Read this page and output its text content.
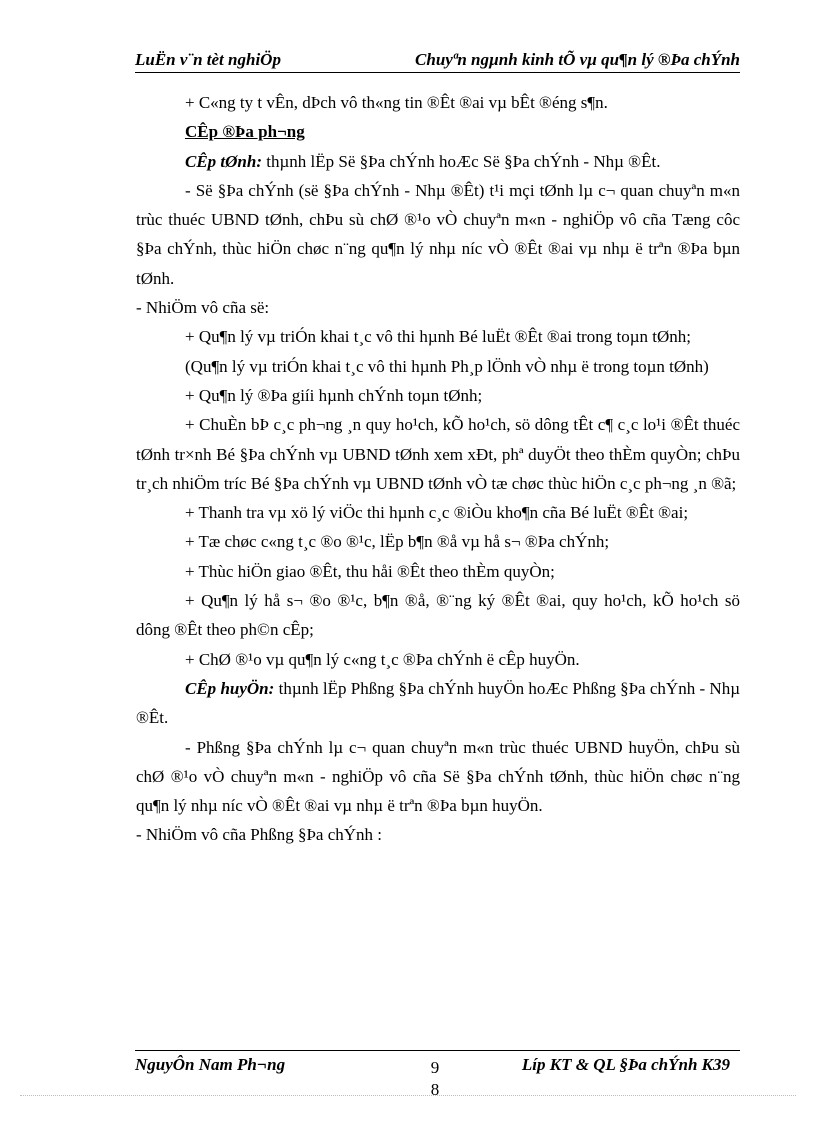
LuËn v¨n tèt nghiÖp	Chuyªn ngµnh kinh tÕ vµ qu¶n lý ®Þa chÝnh

+ C«ng ty t vÊn, dÞch vô th«ng tin ®Êt ®ai vµ bÊt ®éng s¶n.

CÊp ®Þa ph¬ng

CÊp tØnh: thµnh lËp Së §Þa chÝnh hoÆc Së §Þa chÝnh - Nhµ ®Êt.

- Së §Þa chÝnh (së §Þa chÝnh - Nhµ ®Êt) t¹i mçi tØnh lµ c¬ quan chuyªn m«n trùc thuéc UBND tØnh, chÞu sù chØ ®¹o vÒ chuyªn m«n - nghiÖp vô cña Tæng côc §Þa chÝnh, thùc hiÖn chøc n¨ng qu¶n lý nhµ níc vÒ ®Êt ®ai vµ nhµ ë trªn ®Þa bµn tØnh.

- NhiÖm vô cña së:

+ Qu¶n lý vµ triÓn khai t¸c vô thi hµnh Bé luËt ®Êt ®ai trong toµn tØnh;

(Qu¶n lý vµ triÓn khai t¸c vô thi hµnh Ph¸p lÖnh vÒ nhµ ë trong toµn tØnh)

+ Qu¶n lý ®Þa giíi hµnh chÝnh toµn tØnh;

+ ChuÈn bÞ c¸c ph¬ng ¸n quy ho¹ch, kÕ ho¹ch, sö dông tÊt c¶ c¸c lo¹i ®Êt thuéc tØnh tr×nh Bé §Þa chÝnh vµ UBND tØnh xem xÐt, phª duyÖt theo thÈm quyÒn; chÞu tr¸ch nhiÖm tríc Bé §Þa chÝnh vµ UBND tØnh vÒ tæ chøc thùc hiÖn c¸c ph¬ng ¸n ®ã;

+ Thanh tra vµ xö lý viÖc thi hµnh c¸c ®iÒu kho¶n cña Bé luËt ®Êt ®ai;

+ Tæ chøc c«ng t¸c ®o ®¹c, lËp b¶n ®å vµ hå s¬ ®Þa chÝnh;

+ Thùc hiÖn giao ®Êt, thu håi ®Êt theo thÈm quyÒn;

+ Qu¶n lý hå s¬ ®o ®¹c, b¶n ®å, ®¨ng ký ®Êt ®ai, quy ho¹ch, kÕ ho¹ch sö dông ®Êt theo ph©n cÊp;

+ ChØ ®¹o vµ qu¶n lý c«ng t¸c ®Þa chÝnh ë cÊp huyÖn.

CÊp huyÖn: thµnh lËp Phßng §Þa chÝnh huyÖn hoÆc Phßng §Þa chÝnh - Nhµ ®Êt.

- Phßng §Þa chÝnh lµ c¬ quan chuyªn m«n trùc thuéc UBND huyÖn, chÞu sù chØ ®¹o vÒ chuyªn m«n - nghiÖp vô cña Së §Þa chÝnh tØnh, thùc hiÖn chøc n¨ng qu¶n lý nhµ níc vÒ ®Êt ®ai vµ nhµ ë trªn ®Þa bµn huyÖn.

- NhiÖm vô cña Phßng §Þa chÝnh :

NguyÔn Nam Ph¬ng	9
8
Líp KT & QL §Þa chÝnh K39
